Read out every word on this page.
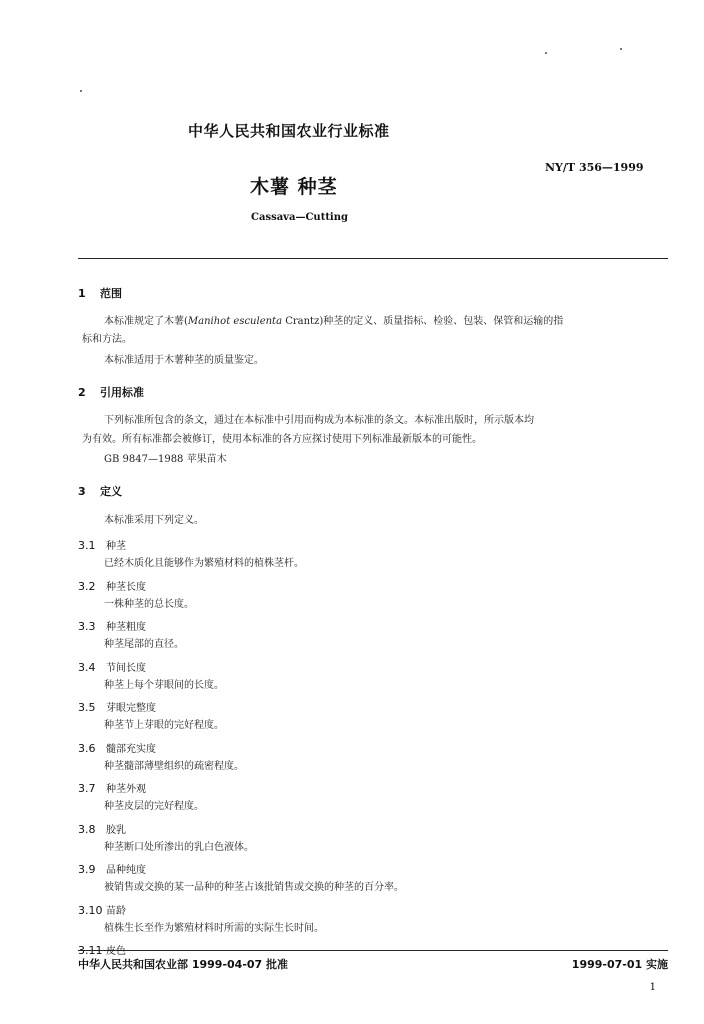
中华人民共和国农业行业标准
NY/T 356—1999
木薯 种茎
Cassava—Cutting
1 范围
本标准规定了木薯(Manihot esculenta Crantz)种茎的定义、质量指标、检验、包装、保管和运输的指
标和方法。
本标准适用于木薯种茎的质量鉴定。
2 引用标准
下列标准所包含的条文，通过在本标准中引用而构成为本标准的条文。本标准出版时，所示版本均
为有效。所有标准都会被修订，使用本标准的各方应探讨使用下列标准最新版本的可能性。
GB 9847—1988 苹果苗木
3 定义
本标准采用下列定义。
3.1 种茎
已经木质化且能够作为繁殖材料的植株茎杆。
3.2 种茎长度
一株种茎的总长度。
3.3 种茎粗度
种茎尾部的直径。
3.4 节间长度
种茎上每个芽眼间的长度。
3.5 芽眼完整度
种茎节上芽眼的完好程度。
3.6 髓部充实度
种茎髓部薄壁组织的疏密程度。
3.7 种茎外观
种茎皮层的完好程度。
3.8 胶乳
种茎断口处所渗出的乳白色液体。
3.9 品种纯度
被销售或交换的某一品种的种茎占该批销售或交换的种茎的百分率。
3.10 苗龄
植株生长至作为繁殖材料时所需的实际生长时间。
3.11 皮色
中华人民共和国农业部 1999-04-07 批准	1999-07-01 实施
1
